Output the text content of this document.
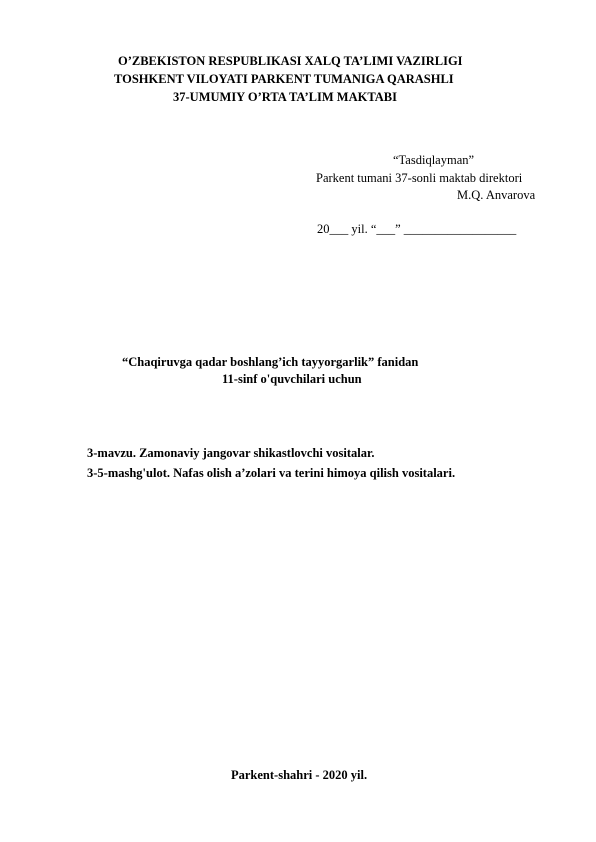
O’ZBEKISTON RESPUBLIKASI XALQ TA’LIMI VAZIRLIGI
TOSHKENT VILOYATI PARKENT TUMANIGA QARASHLI
37-UMUMIY O’RTA TA’LIM MAKTABI
“Tasdiqlayman”
Parkent tumani 37-sonli maktab direktori
M.Q. Anvarova
20___ yil. “___” __________________
“Chaqiruvga qadar boshlang’ich tayyorgarlik” fanidan
11-sinf o'quvchilari uchun
3-mavzu. Zamonaviy jangovar shikastlovchi vositalar.
3-5-mashg'ulot. Nafas olish a’zolari va terini himoya qilish vositalari.
Parkent-shahri - 2020 yil.
